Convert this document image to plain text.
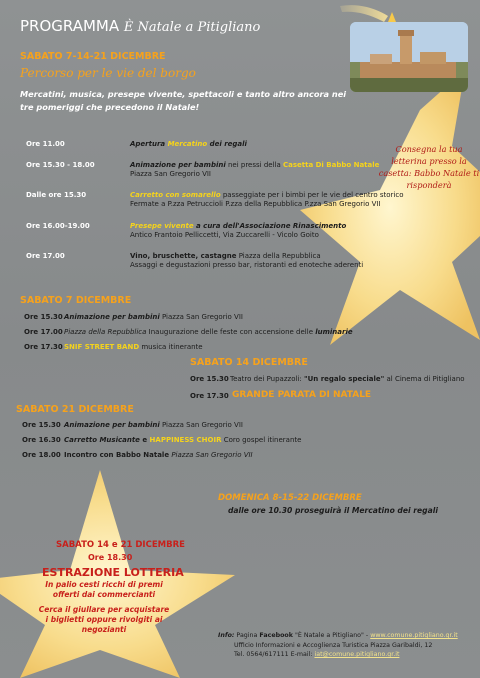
PROGRAMMA È Natale a Pitigliano
SABATO 7-14-21 DICEMBRE
Percorso per le vie del borgo
Mercatini, musica, presepe vivente, spettacoli e tanto altro ancora nei tre pomeriggi che precedono il Natale!
Consegna la tua letterina presso la casetta: Babbo Natale ti risponderà
Ore 11.00	Apertura Mercatino dei regali
Ore 15.30 - 18.00	Animazione per bambini nei pressi della Casetta Di Babbo Natale
Piazza San Gregorio VII
Dalle ore 15.30	Carretto con somarello passeggiate per i bimbi per le vie del centro storico
Fermate a P.zza Petruccioli P.zza della Repubblica P.zza San Gregorio VII
Ore 16.00-19.00	Presepe vivente a cura dell'Associazione Rinascimento
Antico Frantoio Pelliccetti, Via Zuccarelli - Vicolo Goito
Ore 17.00	Vino, bruschette, castagne Piazza della Repubblica
Assaggi e degustazioni presso bar, ristoranti ed enoteche aderenti
SABATO 7 DICEMBRE
Ore 15.30 Animazione per bambini Piazza San Gregorio VII
Ore 17.00 Piazza della Repubblica Inaugurazione delle feste con accensione delle luminarie
Ore 17.30 SNIF STREET BAND musica itinerante
SABATO 14 DICEMBRE
Ore 15.30 Teatro dei Pupazzoli: "Un regalo speciale" al Cinema di Pitigliano
Ore 17.30 GRANDE PARATA DI NATALE
SABATO 21 DICEMBRE
Ore 15.30 Animazione per bambini Piazza San Gregorio VII
Ore 16.30 Carretto Musicante e HAPPINESS CHOIR Coro gospel itinerante
Ore 18.00 Incontro con Babbo Natale Piazza San Gregorio VII
DOMENICA 8-15-22 DICEMBRE
dalle ore 10.30 proseguirà il Mercatino dei regali
SABATO 14 e 21 DICEMBRE
Ore 18.30
ESTRAZIONE LOTTERIA
In palio cesti ricchi di premi
offerti dai commercianti
Cerca il giullare per acquistare
i biglietti oppure rivolgiti ai
negozianti
Info: Pagina Facebook "È Natale a Pitigliano" - www.comune.pitigliano.gr.it
Ufficio Informazioni e Accoglienza Turistica Piazza Garibaldi, 12
Tel. 0564/617111 E-mail: iat@comune.pitigliano.gr.it
